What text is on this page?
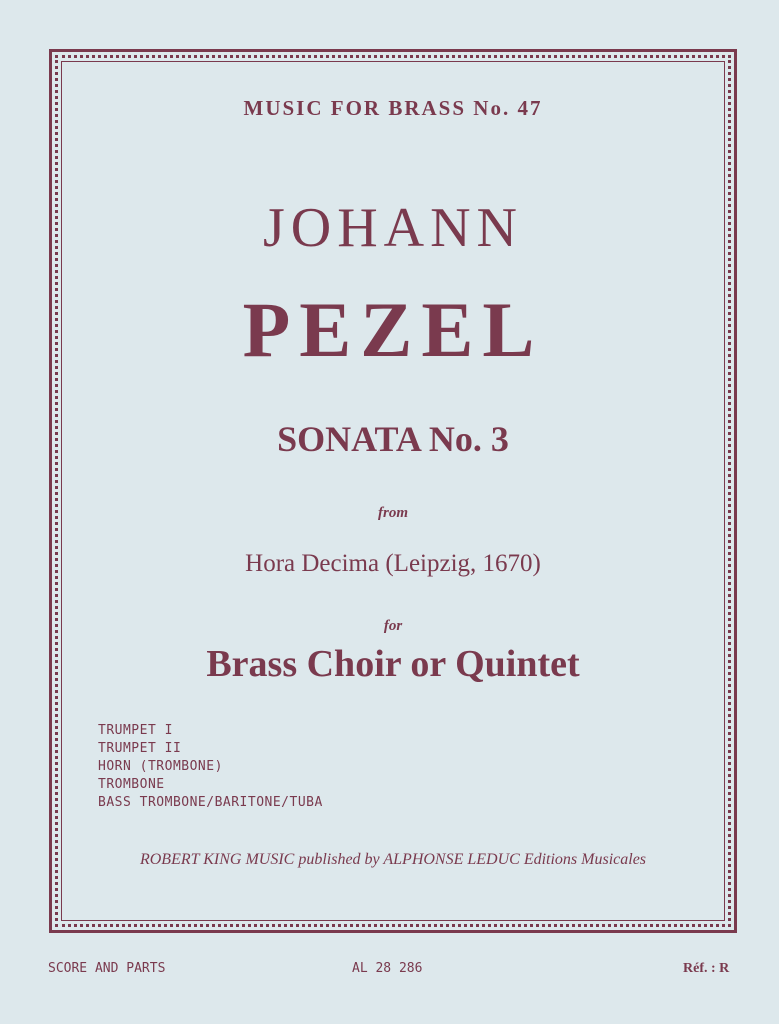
MUSIC FOR BRASS No. 47
JOHANN
PEZEL
SONATA No. 3
from
Hora Decima (Leipzig, 1670)
for
Brass Choir or Quintet
TRUMPET I
TRUMPET II
HORN (TROMBONE)
TROMBONE
BASS TROMBONE/BARITONE/TUBA
ROBERT KING MUSIC published by ALPHONSE LEDUC Editions Musicales
SCORE AND PARTS	AL 28 286	Réf. : R
